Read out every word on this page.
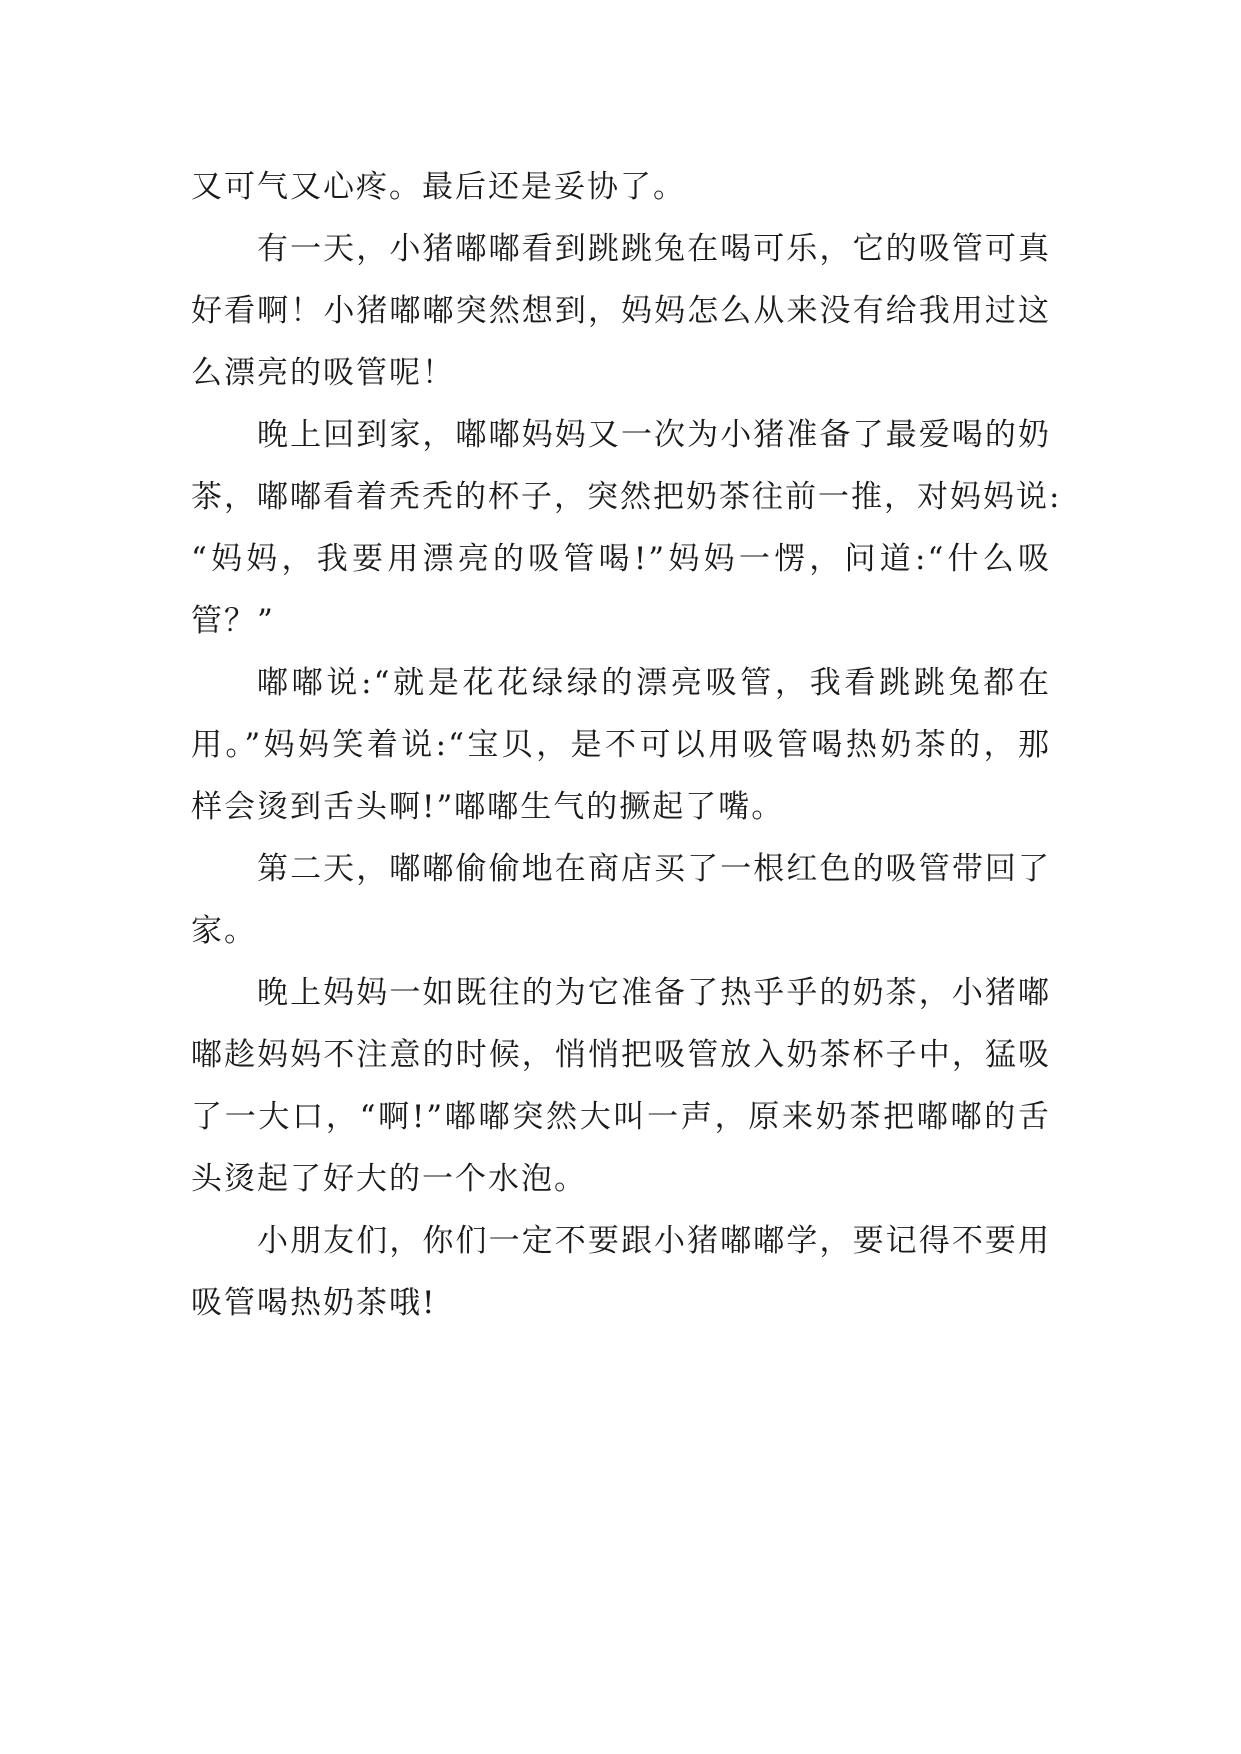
又可气又心疼。最后还是妥协了。
有一天，小猪嘟嘟看到跳跳兔在喝可乐，它的吸管可真
好看啊！小猪嘟嘟突然想到，妈妈怎么从来没有给我用过这
么漂亮的吸管呢！
晚上回到家，嘟嘟妈妈又一次为小猪准备了最爱喝的奶
茶，嘟嘟看着秃秃的杯子，突然把奶茶往前一推，对妈妈说:
“妈妈，我要用漂亮的吸管喝!”妈妈一愣，问道:“什么吸
管？”
嘟嘟说:“就是花花绿绿的漂亮吸管，我看跳跳兔都在
用。”妈妈笑着说:“宝贝，是不可以用吸管喝热奶茶的，那
样会烫到舌头啊!”嘟嘟生气的撅起了嘴。
第二天，嘟嘟偷偷地在商店买了一根红色的吸管带回了
家。
晚上妈妈一如既往的为它准备了热乎乎的奶茶，小猪嘟
嘟趁妈妈不注意的时候，悄悄把吸管放入奶茶杯子中，猛吸
了一大口，“啊!”嘟嘟突然大叫一声，原来奶茶把嘟嘟的舌
头烫起了好大的一个水泡。
小朋友们，你们一定不要跟小猪嘟嘟学，要记得不要用
吸管喝热奶茶哦!
